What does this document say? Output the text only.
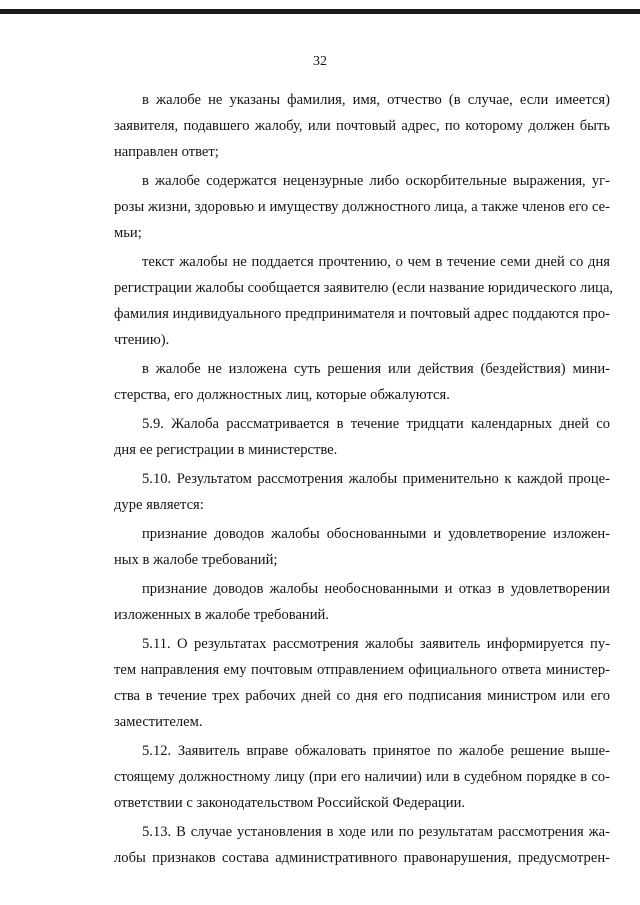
32
в жалобе не указаны фамилия, имя, отчество (в случае, если имеется)
заявителя, подавшего жалобу, или почтовый адрес, по которому должен быть
направлен ответ;
в жалобе содержатся нецензурные либо оскорбительные выражения, уг-
розы жизни, здоровью и имуществу должностного лица, а также членов его се-
мьи;
текст жалобы не поддается прочтению, о чем в течение семи дней со дня
регистрации жалобы сообщается заявителю (если название юридического лица,
фамилия индивидуального предпринимателя и почтовый адрес поддаются про-
чтению).
в жалобе не изложена суть решения или действия (бездействия) мини-
стерства, его должностных лиц, которые обжалуются.
5.9. Жалоба рассматривается в течение тридцати календарных дней со
дня ее регистрации в министерстве.
5.10. Результатом рассмотрения жалобы применительно к каждой проце-
дуре является:
признание доводов жалобы обоснованными и удовлетворение изложен-
ных в жалобе требований;
признание доводов жалобы необоснованными и отказ в удовлетворении
изложенных в жалобе требований.
5.11. О результатах рассмотрения жалобы заявитель информируется пу-
тем направления ему почтовым отправлением официального ответа министер-
ства в течение трех рабочих дней со дня его подписания министром или его
заместителем.
5.12. Заявитель вправе обжаловать принятое по жалобе решение выше-
стоящему должностному лицу (при его наличии) или в судебном порядке в со-
ответствии с законодательством Российской Федерации.
5.13. В случае установления в ходе или по результатам рассмотрения жа-
лобы признаков состава административного правонарушения, предусмотрен-
